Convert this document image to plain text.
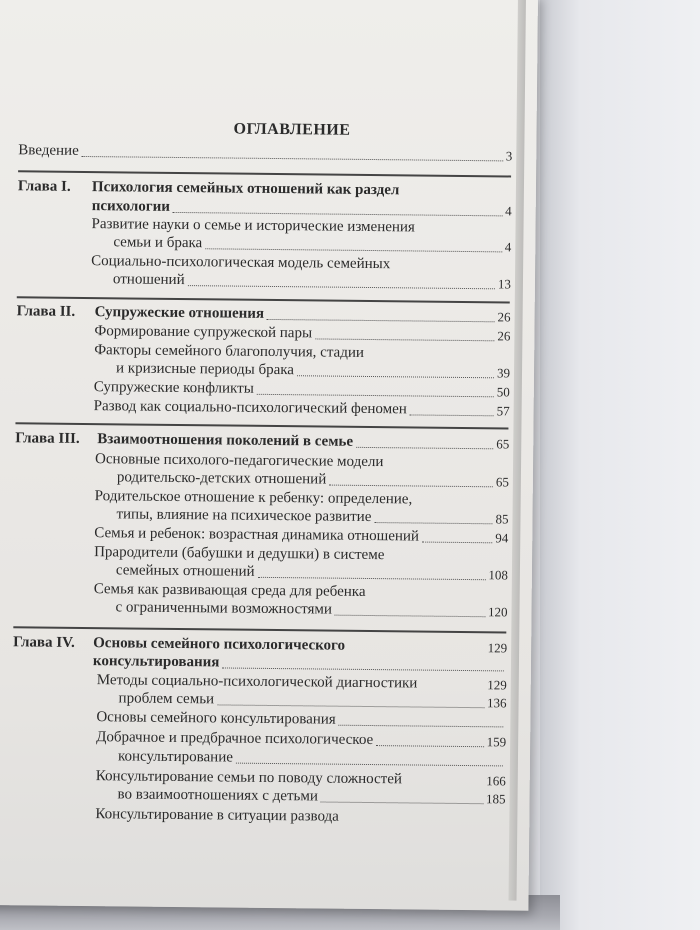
ОГЛАВЛЕНИЕ
Введение	3
Глава I. Психология семейных отношений как раздел
психологии	4
Развитие науки о семье и исторические изменения
семьи и брака	4
Социально-психологическая модель семейных
отношений	13
Глава II.	Супружеские отношения	26
Формирование супружеской пары	26
Факторы семейного благополучия, стадии
и кризисные периоды брака	39
Супружеские конфликты	50
Развод как социально-психологический феномен	57
Глава III.	Взаимоотношения поколений в семье	65
Основные психолого-педагогические модели
родительско-детских отношений	65
Родительское отношение к ребенку: определение,
типы, влияние на психическое развитие	85
Семья и ребенок: возрастная динамика отношений	94
Прародители (бабушки и дедушки) в системе
семейных отношений	108
Семья как развивающая среда для ребенка
с ограниченными возможностями	120
Глава IV. Основы семейного психологического	129
консультирования
Методы социально-психологической диагностики	129
проблем семьи	136
Основы семейного консультирования
Добрачное и предбрачное психологическое	159
консультирование
Консультирование семьи по поводу сложностей	166
во взаимоотношениях с детьми	185
Консультирование в ситуации развода
